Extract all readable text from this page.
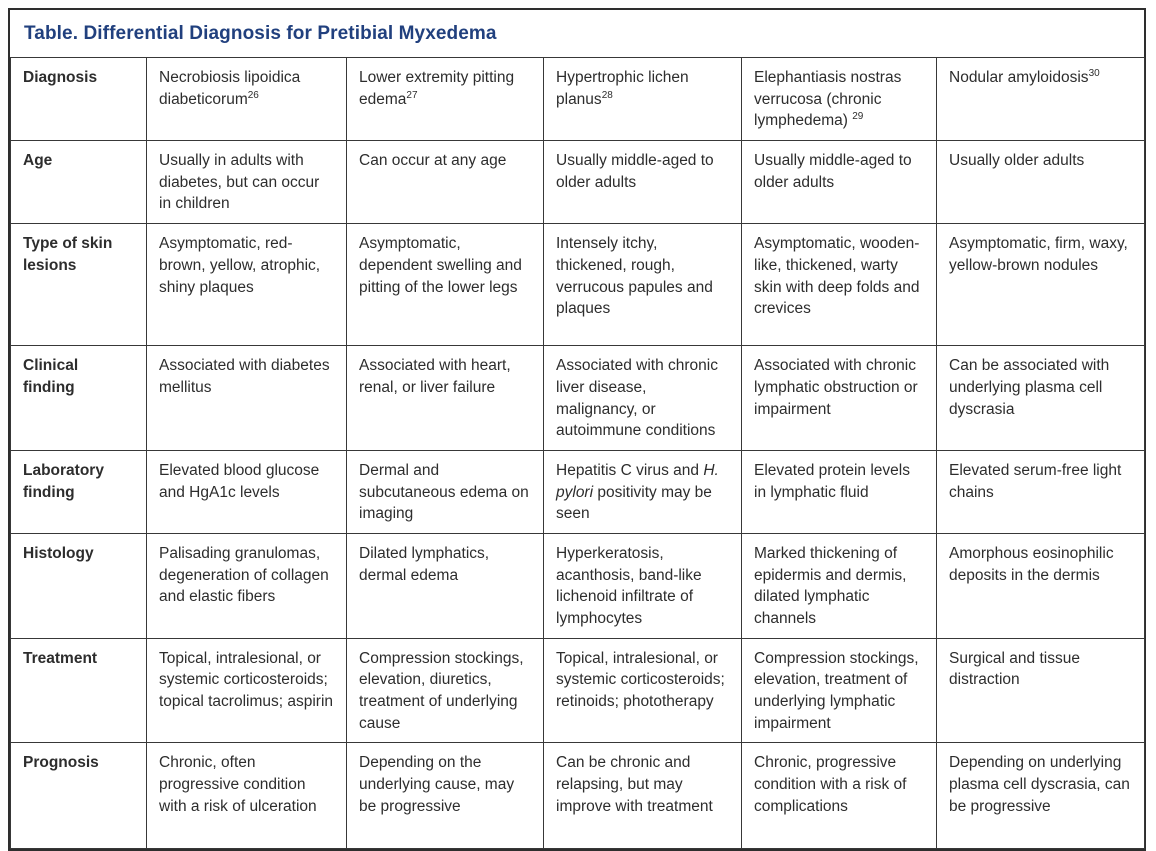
Table. Differential Diagnosis for Pretibial Myxedema
Diagnosis	Necrobiosis lipoidica diabeticorum$^{26}$	Lower extremity pitting edema$^{27}$	Hypertrophic lichen planus$^{28}$	Elephantiasis nostras verrucosa (chronic lymphedema) $^{29}$	Nodular amyloidosis$^{30}$
Age	Usually in adults with diabetes, but can occur in children	Can occur at any age	Usually middle-aged to older adults	Usually middle-aged to older adults	Usually older adults
Type of skin lesions	Asymptomatic, red-brown, yellow, atrophic, shiny plaques	Asymptomatic, dependent swelling and pitting of the lower legs	Intensely itchy, thickened, rough, verrucous papules and plaques	Asymptomatic, wooden-like, thickened, warty skin with deep folds and crevices	Asymptomatic, firm, waxy, yellow-brown nodules
Clinical finding	Associated with diabetes mellitus	Associated with heart, renal, or liver failure	Associated with chronic liver disease, malignancy, or autoimmune conditions	Associated with chronic lymphatic obstruction or impairment	Can be associated with underlying plasma cell dyscrasia
Laboratory finding	Elevated blood glucose and HgA1c levels	Dermal and subcutaneous edema on imaging	Hepatitis C virus and H. pylori positivity may be seen	Elevated protein levels in lymphatic fluid	Elevated serum-free light chains
Histology	Palisading granulomas, degeneration of collagen and elastic fibers	Dilated lymphatics, dermal edema	Hyperkeratosis, acanthosis, band-like lichenoid infiltrate of lymphocytes	Marked thickening of epidermis and dermis, dilated lymphatic channels	Amorphous eosinophilic deposits in the dermis
Treatment	Topical, intralesional, or systemic corticosteroids; topical tacrolimus; aspirin	Compression stockings, elevation, diuretics, treatment of underlying cause	Topical, intralesional, or systemic corticosteroids; retinoids; phototherapy	Compression stockings, elevation, treatment of underlying lymphatic impairment	Surgical and tissue distraction
Prognosis	Chronic, often progressive condition with a risk of ulceration	Depending on the underlying cause, may be progressive	Can be chronic and relapsing, but may improve with treatment	Chronic, progressive condition with a risk of complications	Depending on underlying plasma cell dyscrasia, can be progressive
